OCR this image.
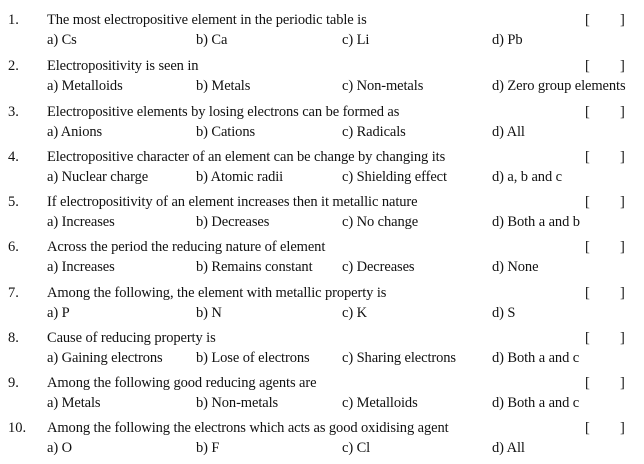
1. The most electropositive element in the periodic table is	[ ]
a) Cs	b) Ca	c) Li	d) Pb
2. Electropositivity is seen in	[ ]
a) Metalloids	b) Metals	c) Non-metals	d) Zero group elements
3. Electropositive elements by losing electrons can be formed as	[ ]
a) Anions	b) Cations	c) Radicals	d) All
4. Electropositive character of an element can be change by changing its	[ ]
a) Nuclear charge	b) Atomic radii	c) Shielding effect	d) a, b and c
5. If electropositivity of an element increases then it metallic nature	[ ]
a) Increases	b) Decreases	c) No change	d) Both a and b
6. Across the period the reducing nature of element	[ ]
a) Increases	b) Remains constant c) Decreases	d) None
7. Among the following, the element with metallic property is	[ ]
a) P	b) N	c) K	d) S
8. Cause of reducing property is	[ ]
a) Gaining electrons b) Lose of electrons c) Sharing electrons d) Both a and c
9. Among the following good reducing agents are	[ ]
a) Metals	b) Non-metals	c) Metalloids	d) Both a and c
10. Among the following the electrons which acts as good oxidising agent	[ ]
a) O	b) F	c) Cl	d) All
